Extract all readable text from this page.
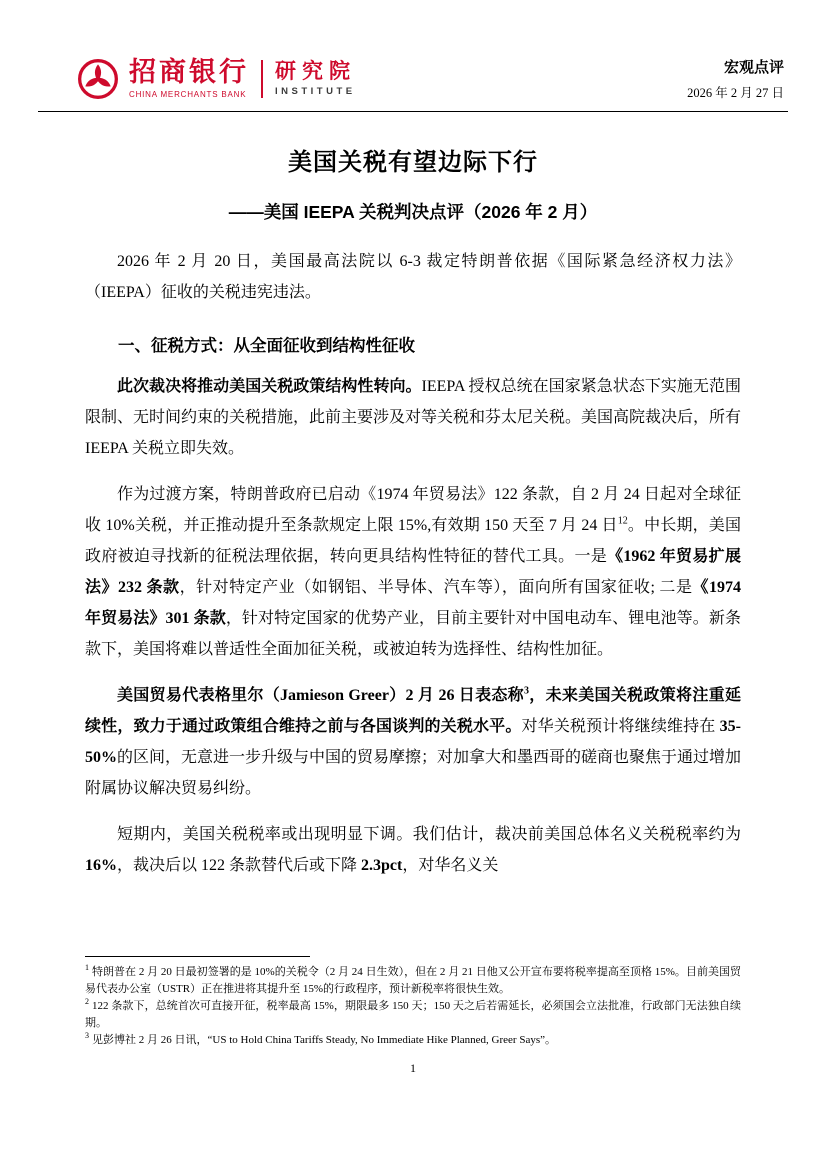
招商银行
CHINA MERCHANTS BANK
研究院
INSTITUTE
宏观点评
2026 年 2 月 27 日
美国关税有望边际下行
——美国 IEEPA 关税判决点评（2026 年 2 月）

2026 年 2 月 20 日，美国最高法院以 6-3 裁定特朗普依据《国际紧急经济权力法》（IEEPA）征收的关税违宪违法。

一、征税方式：从全面征收到结构性征收

此次裁决将推动美国关税政策结构性转向。IEEPA 授权总统在国家紧急状态下实施无范围限制、无时间约束的关税措施，此前主要涉及对等关税和芬太尼关税。美国高院裁决后，所有 IEEPA 关税立即失效。

作为过渡方案，特朗普政府已启动《1974 年贸易法》122 条款，自 2 月 24 日起对全球征收 10%关税，并正推动提升至条款规定上限 15%,有效期 150 天至 7 月 24 日$^{12}$。中长期，美国政府被迫寻找新的征税法理依据，转向更具结构性特征的替代工具。一是《1962 年贸易扩展法》232 条款，针对特定产业（如钢铝、半导体、汽车等），面向所有国家征收; 二是《1974 年贸易法》301 条款，针对特定国家的优势产业，目前主要针对中国电动车、锂电池等。新条款下，美国将难以普适性全面加征关税，或被迫转为选择性、结构性加征。

美国贸易代表格里尔（Jamieson Greer）2 月 26 日表态称$^3$，未来美国关税政策将注重延续性，致力于通过政策组合维持之前与各国谈判的关税水平。对华关税预计将继续维持在 35-50%的区间，无意进一步升级与中国的贸易摩擦；对加拿大和墨西哥的磋商也聚焦于通过增加附属协议解决贸易纠纷。

短期内，美国关税税率或出现明显下调。我们估计，裁决前美国总体名义关税税率约为 16%，裁决后以 122 条款替代后或下降 2.3pct，对华名义关

$^1$ 特朗普在 2 月 20 日最初签署的是 10%的关税令（2 月 24 日生效），但在 2 月 21 日他又公开宣布要将税率提高至顶格 15%。目前美国贸易代表办公室（USTR）正在推进将其提升至 15%的行政程序，预计新税率将很快生效。

$^2$ 122 条款下，总统首次可直接开征，税率最高 15%，期限最多 150 天；150 天之后若需延长，必须国会立法批准，行政部门无法独自续期。

$^3$ 见彭博社 2 月 26 日讯，“US to Hold China Tariffs Steady, No Immediate Hike Planned, Greer Says”。

1
